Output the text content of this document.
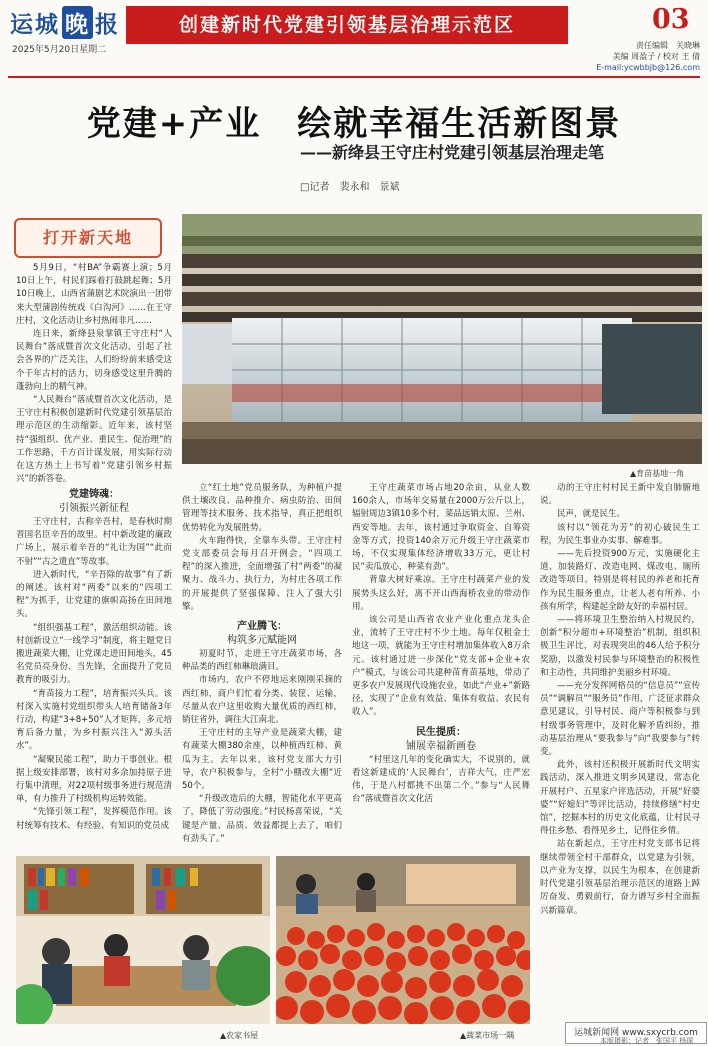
运城 晚 报
2025年5月20日星期二
创建新时代党建引领基层治理示范区	03
责任编辑　关晓琳
美编 周盈子 / 校对 王 倩
E-mail:ycwbbjb@126.com
党建+产业　绘就幸福生活新图景
——新绛县王守庄村党建引领基层治理走笔
□记者　裴永和　景斌
打开新天地
▲育苗基地一角

5月9日，“村BA”争霸赛上演；5月10日上午，村民们踩着打鼓跳起舞；5月10日晚上，山西省蒲剧艺术院演出一团带来大型蒲剧传统戏《白沟河》……在王守庄村，文化活动让乡村热闹非凡……

连日来，新绛县泉掌镇王守庄村“人民舞台”落成暨首次文化活动，引起了社会各界的广泛关注，人们纷纷前来感受这个千年古村的活力，切身感受这里升腾的蓬勃向上的精气神。

“人民舞台”落成暨首次文化活动，是王守庄村积极创建新时代党建引领基层治理示范区的生动缩影。近年来，该村坚持“强组织、优产业、重民生、促治理”的工作思路，千方百计谋发展，用实际行动在这方热土上书写着“党建引领乡村振兴”的新答卷。

党建铸魂：

引领振兴新征程

王守庄村，古称辛吾村，是春秋时期晋国名臣辛吾的故里。村中新改建的廉政广场上，展示着辛吾的“礼让为国”“此而不射”“古之遗直”等故事。

进入新时代，“辛吾除的故事”有了新的阐述。该村对“两委”以来的“四项工程”为抓手，让党建的旗帜高扬在田间地头。

“组织强基工程”，激活组织动能。该村创新设立“一线学习”制度，将主题党日搬进蔬菜大棚，让党课走进田间地头，45名党员亮身份、当先锋，全面提升了党员教育的吸引力。

“育苗接力工程”，培育振兴头兵。该村深入实施村党组织带头人培育储备3年行动，构建“3+8+50”人才矩阵，多元培育后备力量，为乡村振兴注入“源头活水”。

“凝聚民能工程”，助力干事创业。根据上级安排部署，该村对多余加持原子进行集中清理，对22项村级事务进行规范清单，有力推升了村级机构运转效能。

“先锋引领工程”，发挥模范作用。该村统筹有技术、有经验、有知识的党员成

立“红土地”党员服务队，为种植户提供土壤改良、品种推介、病虫防治、田间管理等技术服务、技术指导，真正把组织优势转化为发展胜势。

火车跑得快，全靠车头带。王守庄村党支部委员会每月召开例会，“四项工程”的深入推进，全面增强了村“两委”的凝聚力、战斗力、执行力，为村庄各项工作的开展提供了坚强保障、注入了强大引擎。

产业腾飞：

构筑多元赋能网

初夏时节，走进王守庄蔬菜市场，各种品类的西红柿琳琅满目。

市场内，农户不停地运来刚刚采摘的西红柿，商户们忙着分类、装筐、运输，尽量从农户这里收购大量优质的西红柿，销往省外，调往大江南北。

王守庄村的主导产业是蔬菜大棚，建有蔬菜大棚380余座，以种植西红柿、黄瓜为主。去年以来，该村党支部大力引导，农户积极参与，全村“小棚改大棚”近50个。

“升级改造后的大棚，智能化水平更高了，降低了劳动强度。”村民杨喜荣说，“关键是产量、品质、效益都提上去了，咱们有劲头了。”

王守庄蔬菜市场占地20余亩，从业人数160余人，市场年交易量在2000万公斤以上，辐射周边3镇10多个村，菜品远销太原、兰州、西安等地。去年，该村通过争取资金、自筹资金等方式，投资140余万元升级王守庄蔬菜市场，不仅实现集体经济增收33万元，更让村民“卖瓜放心，种菜有劲”。

背靠大树好乘凉。王守庄村蔬菜产业的发展势头这么好，离不开山西海桥农业的带动作用。

该公司是山西省农业产业化重点龙头企业，流转了王守庄村不少土地。每年仅租金土地这一项，就能为王守庄村增加集体收入8万余元。该村通过进一步深化“党支部+企业+农户”模式，与该公司共建种苗育苗基地，带动了更多农户发展现代设施农业，如此“产业+”新路径，实现了“企业有效益、集体有收益、农民有收入”。

民生提质：

铺展幸福新画卷

“村里这几年的变化确实大，不说别的，就看这新建成的‘人民舞台’，吉祥大气，庄严宏伟，于是八村都挑不出第二个。”参与“人民舞台”落成暨首次文化活

动的王守庄村村民王新中发自肺腑地说。

民声，就是民生。

该村以“领花为芳”的初心破民生工程，为民生事业办实事、解难事。

——先后投资900万元，实施硬化主道、加装路灯、改造电网、煤改电、厕所改造等项目。特别是将村民的养老和托育作为民生服务重点，让老人老有所养、小孩有所学，构建起全龄友好的幸福村居。

——将环境卫生整治纳入村规民约，创新“积分超市+环境整治”机制，组织积极卫生评比，对表现突出的46人给予积分奖励，以激发村民参与环境整治的积极性和主动性，共同维护美丽乡村环境。

——充分发挥网格员的“信息员”“宣传员”“调解员”“服务员”作用，广泛征求群众意见建议，引导村民、商户等积极参与到村级事务管理中，及时化解矛盾纠纷，推动基层治理从“要我参与”向“我要参与”转变。

此外，该村还积极开展新时代文明实践活动，深入推进文明乡风建设，常态化开展村户、五星家户评选活动，开展“好婆婆”“好媳妇”等评比活动，持续修缮“村史馆”，挖掘本村的历史文化底蕴，让村民寻得住乡愁、看得见乡土，记得住乡情。

站在新起点，王守庄村党支部书记将继续带领全村干部群众，以党建为引领，以产业为支撑，以民生为根本，在创建新时代党建引领基层治理示范区的道路上踔厉奋发、勇毅前行，奋力谱写乡村全面振兴新篇章。

▲农家书屋	▲蔬菜市场一隅	运城新闻网 www.sxycrb.com
本版摄影：记者　张国平 杨琛
